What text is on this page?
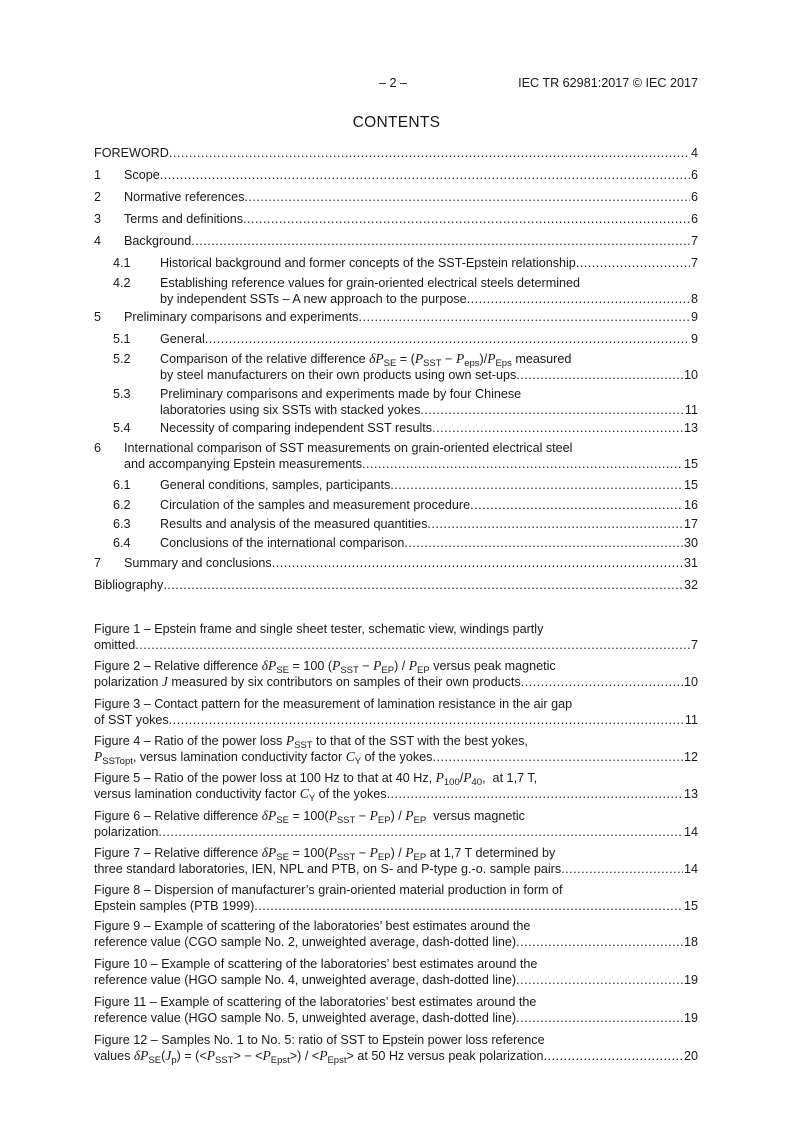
– 2 –	IEC TR 62981:2017 © IEC 2017
CONTENTS
FOREWORD .....	4
1 Scope .....	6
2 Normative references .....	6
3 Terms and definitions .....	6
4 Background .....	7
4.1 Historical background and former concepts of the SST-Epstein relationship .....	7
4.2 Establishing reference values for grain-oriented electrical steels determined
by independent SSTs – A new approach to the purpose .....	8
5 Preliminary comparisons and experiments .....	9
5.1 General .....	9
5.2 Comparison of the relative difference $\delta P_{SE} = (P_{SST} - P_{eps})/P_{Eps}$ measured
by steel manufacturers on their own products using own set-ups .....	10
5.3 Preliminary comparisons and experiments made by four Chinese
laboratories using six SSTs with stacked yokes .....	11
5.4 Necessity of comparing independent SST results .....	13
6 International comparison of SST measurements on grain-oriented electrical steel
and accompanying Epstein measurements .....	15
6.1 General conditions, samples, participants .....	15
6.2 Circulation of the samples and measurement procedure .....	16
6.3 Results and analysis of the measured quantities .....	17
6.4 Conclusions of the international comparison .....	30
7 Summary and conclusions .....	31
Bibliography .....	32
Figure 1 – Epstein frame and single sheet tester, schematic view, windings partly
omitted .....	7
Figure 2 – Relative difference $\delta P_{SE} = 100$ $(P_{SST} - P_{EP}) / P_{EP}$ versus peak magnetic
polarization J measured by six contributors on samples of their own products .....	10
Figure 3 – Contact pattern for the measurement of lamination resistance in the air gap
of SST yokes .....	11
Figure 4 – Ratio of the power loss $P_{SST}$ to that of the SST with the best yokes,
$P_{SSTopt}$, versus lamination conductivity factor $C_Y$ of the yokes .....	12
Figure 5 – Ratio of the power loss at 100 Hz to that at 40 Hz, $P_{100}/P_{40}$,  at 1,7 T,
versus lamination conductivity factor $C_Y$ of the yokes .....	13
Figure 6 – Relative difference $\delta P_{SE} = 100(P_{SST} - P_{EP}) / P_{EP}$  versus magnetic
polarization .....	14
Figure 7 – Relative difference $\delta P_{SE} = 100(P_{SST} - P_{EP}) / P_{EP}$ at 1,7 T determined by
three standard laboratories, IEN, NPL and PTB, on S- and P-type g.-o. sample pairs .....	14
Figure 8 – Dispersion of manufacturer’s grain-oriented material production in form of
Epstein samples (PTB 1999) .....	15
Figure 9 – Example of scattering of the laboratories’ best estimates around the
reference value (CGO sample No. 2, unweighted average, dash-dotted line) .....	18
Figure 10 – Example of scattering of the laboratories’ best estimates around the
reference value (HGO sample No. 4, unweighted average, dash-dotted line) .....	19
Figure 11 – Example of scattering of the laboratories’ best estimates around the
reference value (HGO sample No. 5, unweighted average, dash-dotted line) .....	19
Figure 12 – Samples No. 1 to No. 5: ratio of SST to Epstein power loss reference
values $\delta P_{SE}(J_p) = (<P_{SST}> - <P_{Epst}>) / <P_{Epst}>$ at 50 Hz versus peak polarization .....	20
